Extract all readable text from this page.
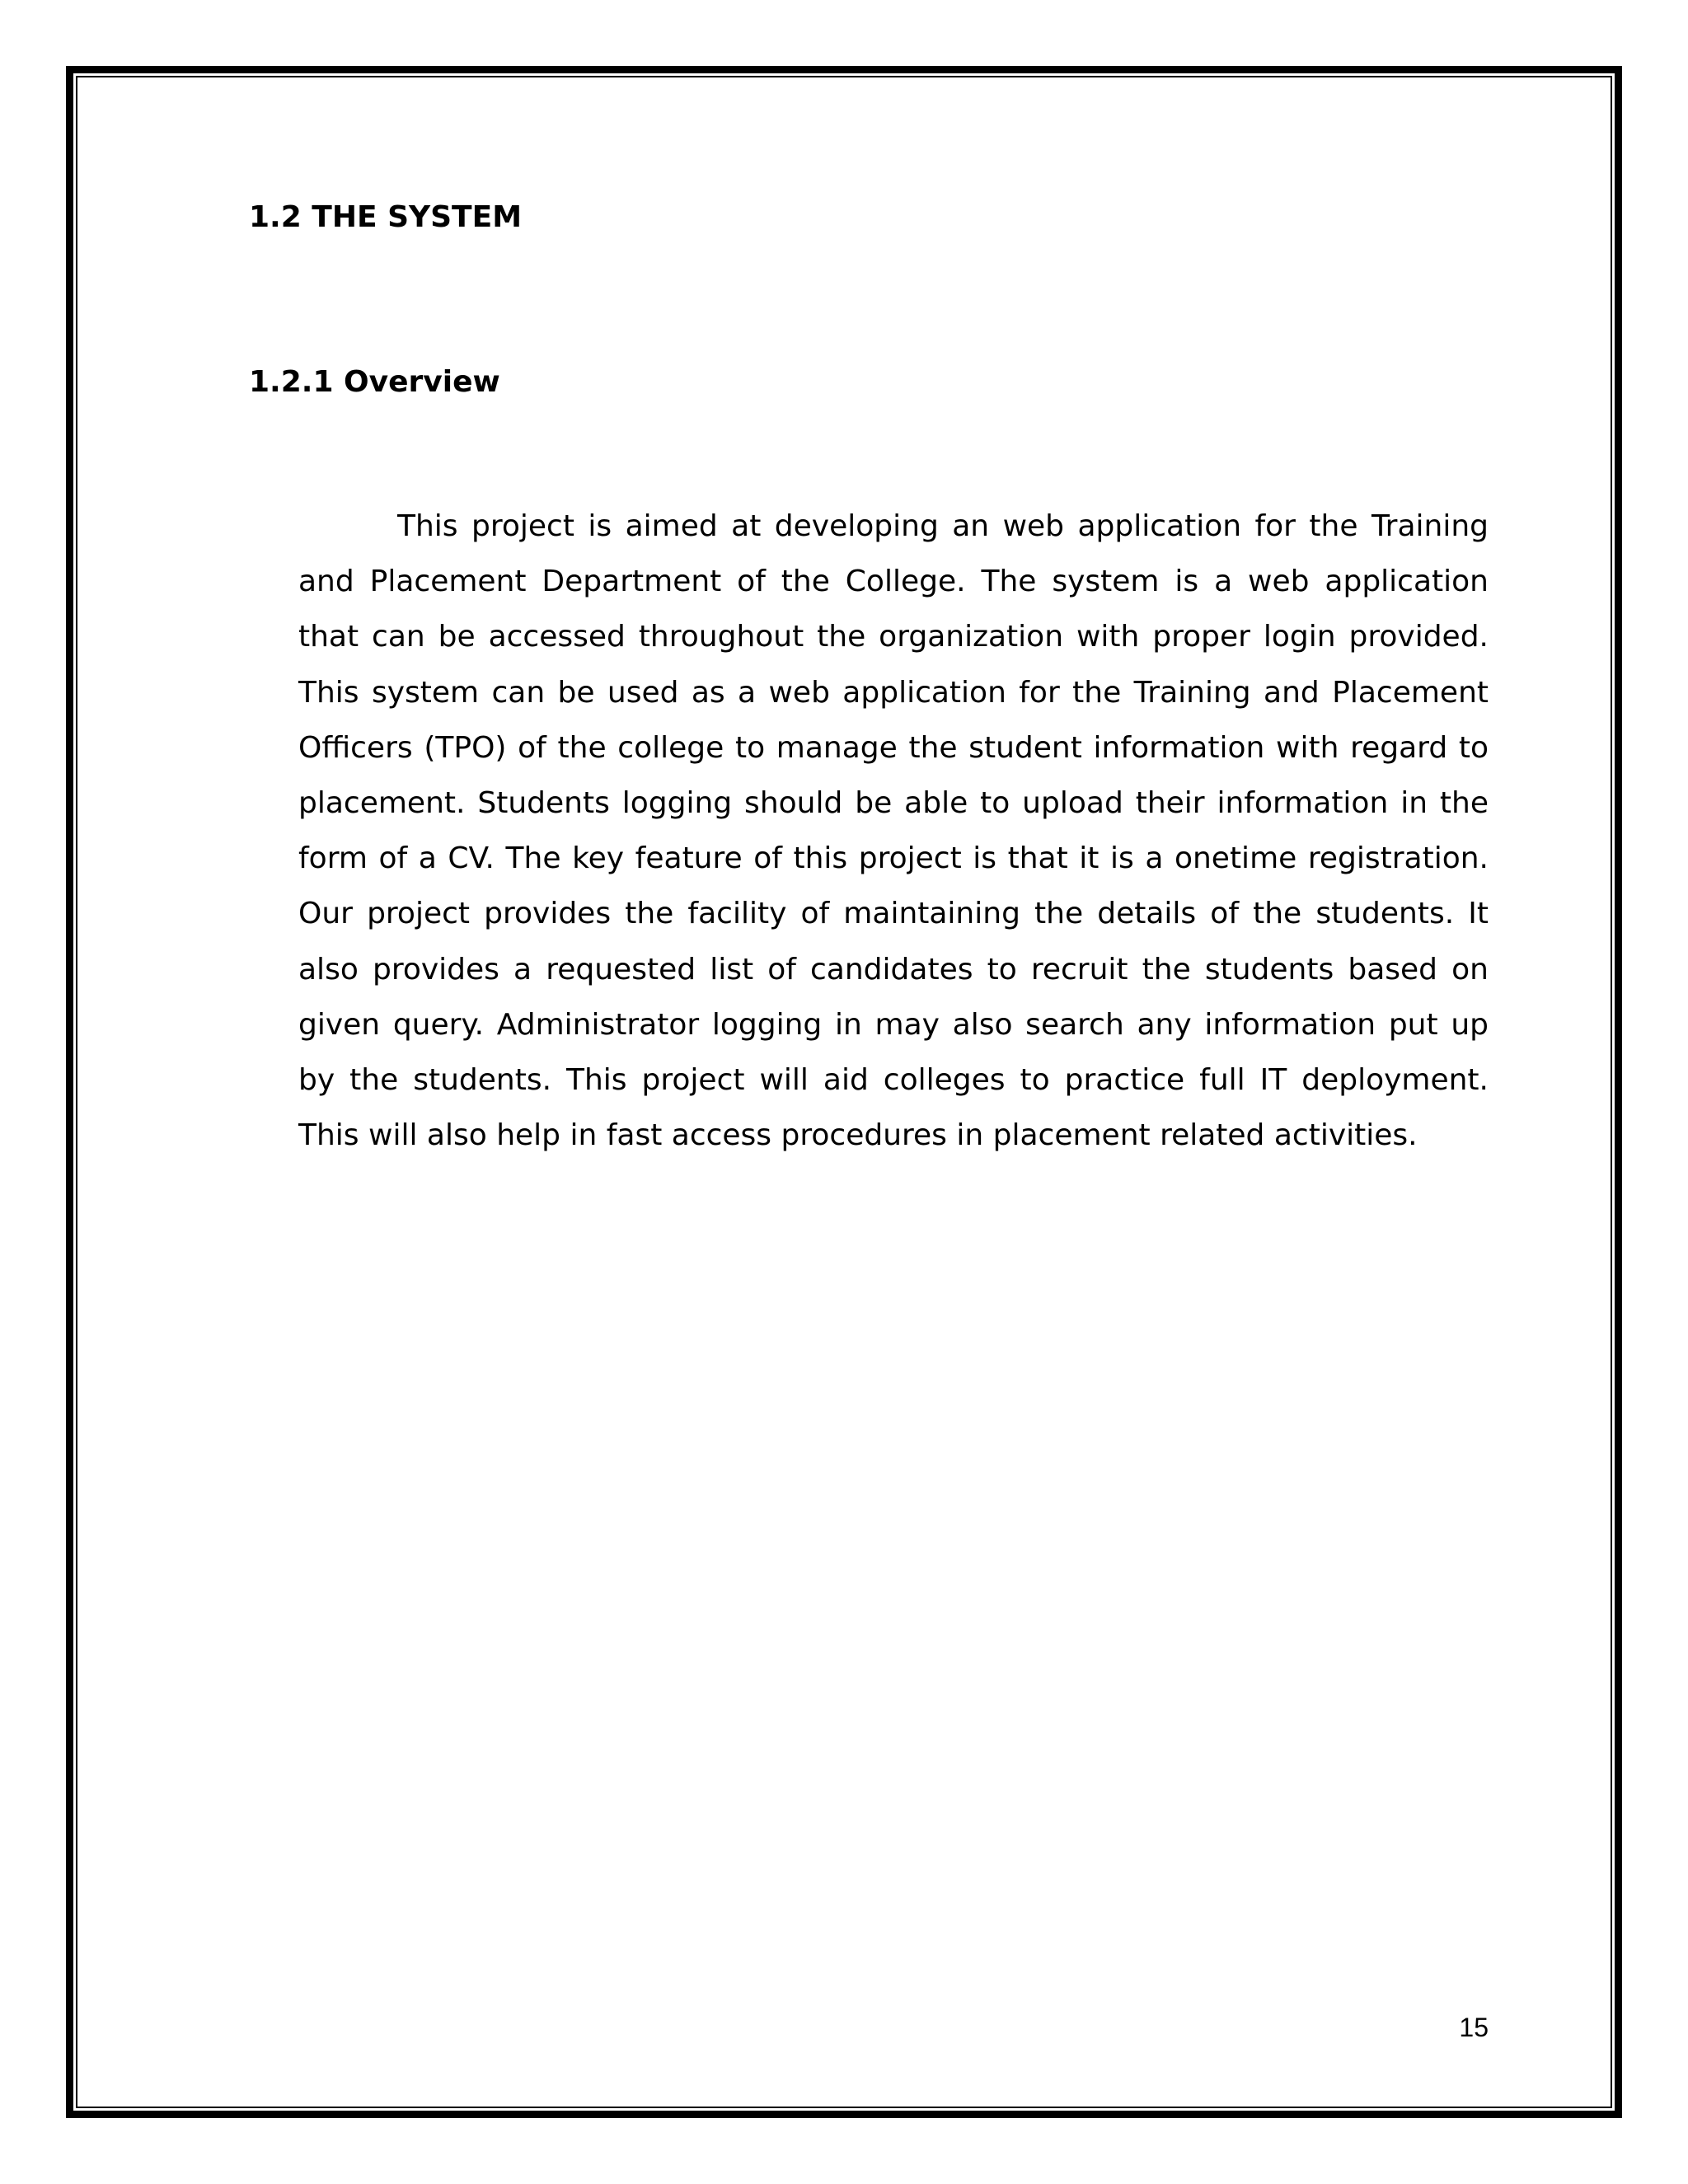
1.2 THE SYSTEM
1.2.1 Overview

This project is aimed at developing an web application for the Training and Placement Department of the College. The system is a web application that can be accessed throughout the organization with proper login provided. This system can be used as a web application for the Training and Placement Officers (TPO) of the college to manage the student information with regard to placement. Students logging should be able to upload their information in the form of a CV. The key feature of this project is that it is a onetime registration. Our project provides the facility of maintaining the details of the students. It also provides a requested list of candidates to recruit the students based on given query. Administrator logging in may also search any information put up by the students. This project will aid colleges to practice full IT deployment. This will also help in fast access procedures in placement related activities.

15
